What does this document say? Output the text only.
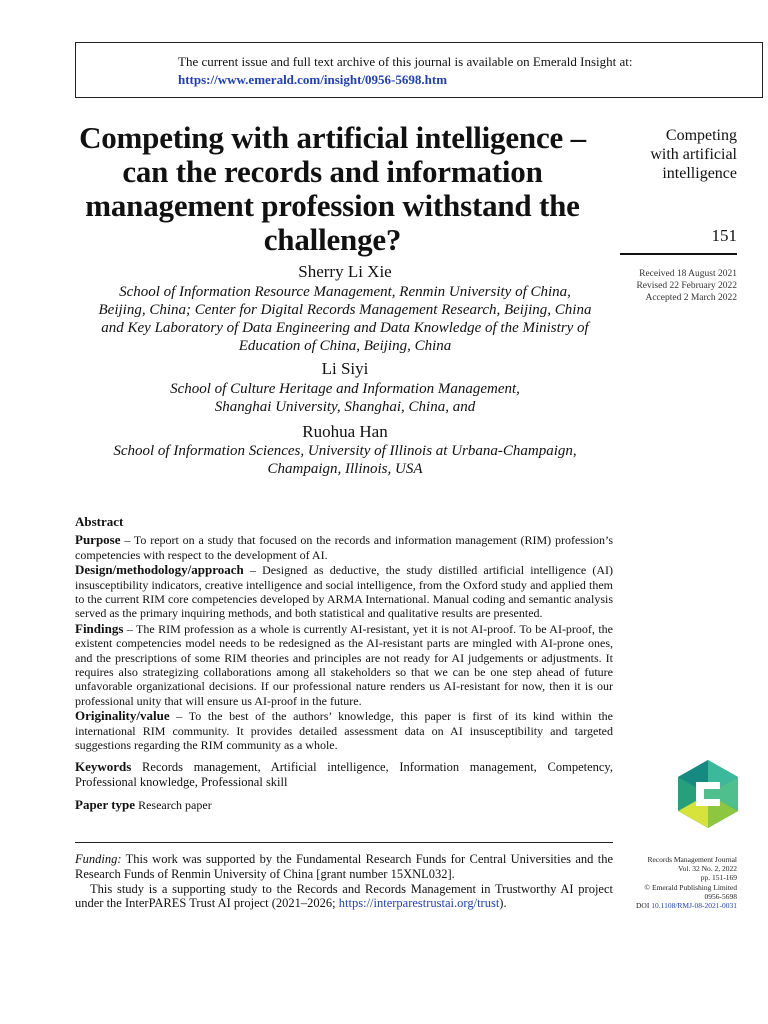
The current issue and full text archive of this journal is available on Emerald Insight at:
https://www.emerald.com/insight/0956-5698.htm
Competing with artificial intelligence – can the records and information management profession withstand the challenge?
Competing
with artificial
intelligence
151
Received 18 August 2021
Revised 22 February 2022
Accepted 2 March 2022
Sherry Li Xie
School of Information Resource Management, Renmin University of China,
Beijing, China; Center for Digital Records Management Research, Beijing, China
and Key Laboratory of Data Engineering and Data Knowledge of the Ministry of
Education of China, Beijing, China
Li Siyi
School of Culture Heritage and Information Management,
Shanghai University, Shanghai, China, and
Ruohua Han
School of Information Sciences, University of Illinois at Urbana-Champaign,
Champaign, Illinois, USA
Abstract

Purpose – To report on a study that focused on the records and information management (RIM) profession’s competencies with respect to the development of AI.

Design/methodology/approach – Designed as deductive, the study distilled artificial intelligence (AI) insusceptibility indicators, creative intelligence and social intelligence, from the Oxford study and applied them to the current RIM core competencies developed by ARMA International. Manual coding and semantic analysis served as the primary inquiring methods, and both statistical and qualitative results are presented.

Findings – The RIM profession as a whole is currently AI-resistant, yet it is not AI-proof. To be AI-proof, the existent competencies model needs to be redesigned as the AI-resistant parts are mingled with AI-prone ones, and the prescriptions of some RIM theories and principles are not ready for AI judgements or adjustments. It requires also strategizing collaborations among all stakeholders so that we can be one step ahead of future unfavorable organizational decisions. If our professional nature renders us AI-resistant for now, then it is our professional unity that will ensure us AI-proof in the future.

Originality/value – To the best of the authors’ knowledge, this paper is first of its kind within the international RIM community. It provides detailed assessment data on AI insusceptibility and targeted suggestions regarding the RIM community as a whole.

Keywords Records management, Artificial intelligence, Information management, Competency, Professional knowledge, Professional skill

Paper type Research paper

Funding: This work was supported by the Fundamental Research Funds for Central Universities and the Research Funds of Renmin University of China [grant number 15XNL032].

This study is a supporting study to the Records and Records Management in Trustworthy AI project under the InterPARES Trust AI project (2021–2026; https://interparestrustai.org/trust).

Records Management Journal
Vol. 32 No. 2, 2022
pp. 151-169
© Emerald Publishing Limited
0956-5698
DOI 10.1108/RMJ-08-2021-0031
